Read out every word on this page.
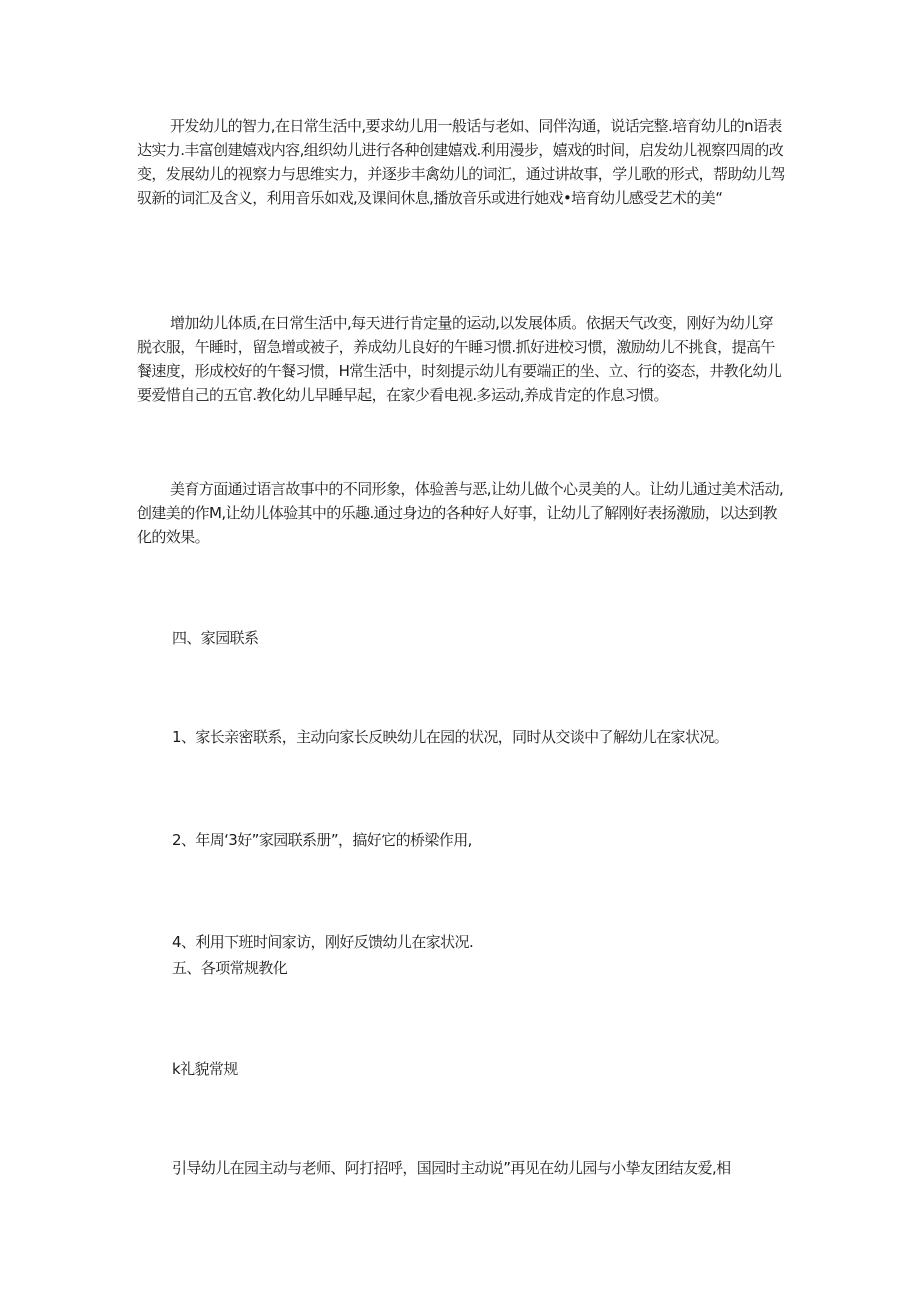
开发幼儿的智力,在日常生活中,要求幼儿用一般话与老如、同伴沟通，说话完整.培育幼儿的n语表达实力.丰富创建嬉戏内容,组织幼儿进行各种创建嬉戏.利用漫步，嬉戏的时间，启发幼儿视察四周的改变，发展幼儿的视察力与思维实力，并逐步丰禽幼儿的词汇，通过讲故事，学儿歌的形式，帮助幼儿驾驭新的词汇及含义，利用音乐如戏,及课间休息,播放音乐或进行她戏•培育幼儿感受艺术的美“

增加幼儿体质,在日常生活中,每天进行肯定量的运动,以发展体质。依据天气改变，刚好为幼儿穿脱衣服，午睡时，留急增或被子，养成幼儿良好的午睡习惯.抓好进校习惯，激励幼儿不挑食，提高午餐速度，形成校好的午餐习惯，H常生活中，时刻提示幼儿有要端正的坐、立、行的姿态，井教化幼儿要爱惜自己的五官.教化幼儿早睡早起，在家少看电视.多运动,养成肯定的作息习惯。

美育方面通过语言故事中的不同形象，体验善与恶,让幼儿做个心灵美的人。让幼儿通过美术活动,创建美的作M,让幼儿体验其中的乐趣.通过身边的各种好人好事，让幼儿了解刚好表扬激励，以达到教化的效果。

四、家园联系

1、家长亲密联系，主动向家长反映幼儿在园的状况，同时从交谈中了解幼儿在家状况。

2、年周‘3好”家园联系册”，搞好它的桥梁作用,

4、利用下班时间家访，刚好反馈幼儿在家状况.

五、各项常规教化

k礼貌常规

引导幼儿在园主动与老师、阿打招呼，国园时主动说”再见在幼儿园与小挚友团结友爱,相
